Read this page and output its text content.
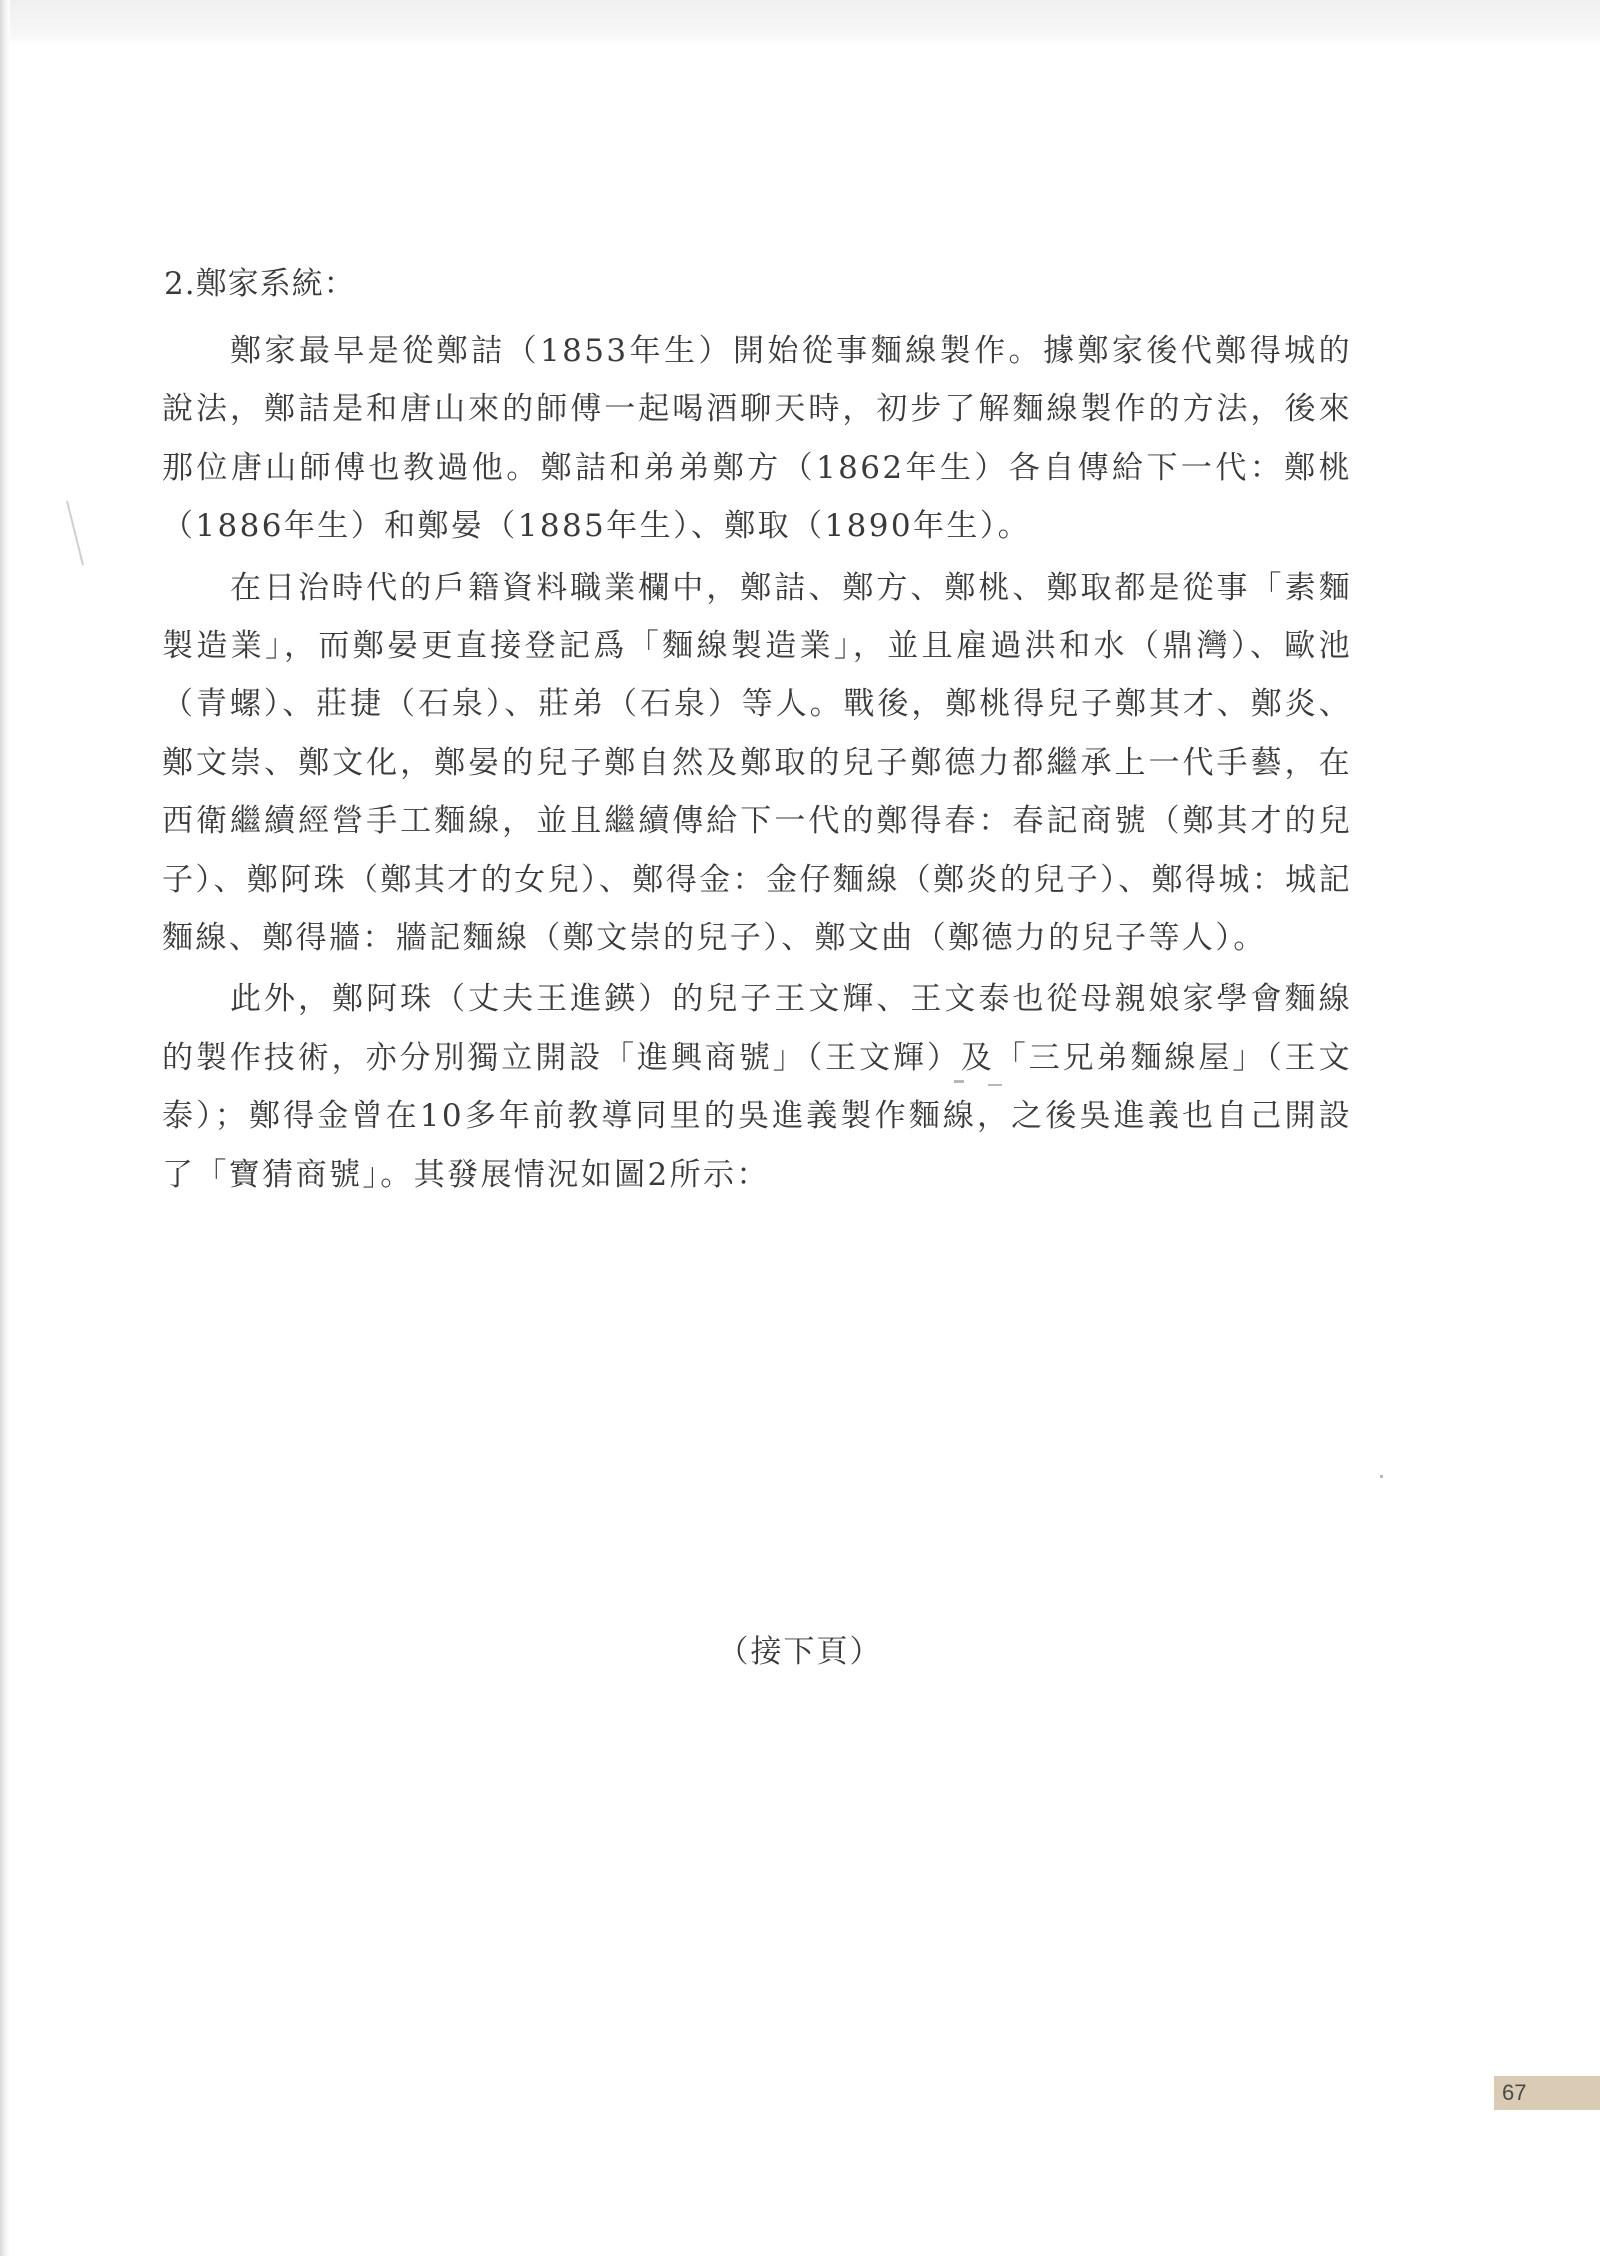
2.鄭家系統：

鄭家最早是從鄭詰（1853年生）開始從事麵線製作。據鄭家後代鄭得城的說法，鄭詰是和唐山來的師傅一起喝酒聊天時，初步了解麵線製作的方法，後來那位唐山師傅也教過他。鄭詰和弟弟鄭方（1862年生）各自傳給下一代：鄭桃（1886年生）和鄭晏（1885年生）、鄭取（1890年生）。

在日治時代的戶籍資料職業欄中，鄭詰、鄭方、鄭桃、鄭取都是從事「素麵製造業」，而鄭晏更直接登記爲「麵線製造業」，並且雇過洪和水（鼎灣）、歐池（青螺）、莊捷（石泉）、莊弟（石泉）等人。戰後，鄭桃得兒子鄭其才、鄭炎、鄭文崇、鄭文化，鄭晏的兒子鄭自然及鄭取的兒子鄭德力都繼承上一代手藝，在西衛繼續經營手工麵線，並且繼續傳給下一代的鄭得春：春記商號（鄭其才的兒子）、鄭阿珠（鄭其才的女兒）、鄭得金：金仔麵線（鄭炎的兒子）、鄭得城：城記麵線、鄭得牆：牆記麵線（鄭文崇的兒子）、鄭文曲（鄭德力的兒子等人）。

此外，鄭阿珠（丈夫王進鍈）的兒子王文輝、王文泰也從母親娘家學會麵線的製作技術，亦分別獨立開設「進興商號」（王文輝）及「三兄弟麵線屋」（王文泰）；鄭得金曾在10多年前教導同里的吳進義製作麵線，之後吳進義也自己開設了「寶猜商號」。其發展情況如圖2所示：

（接下頁）
67
